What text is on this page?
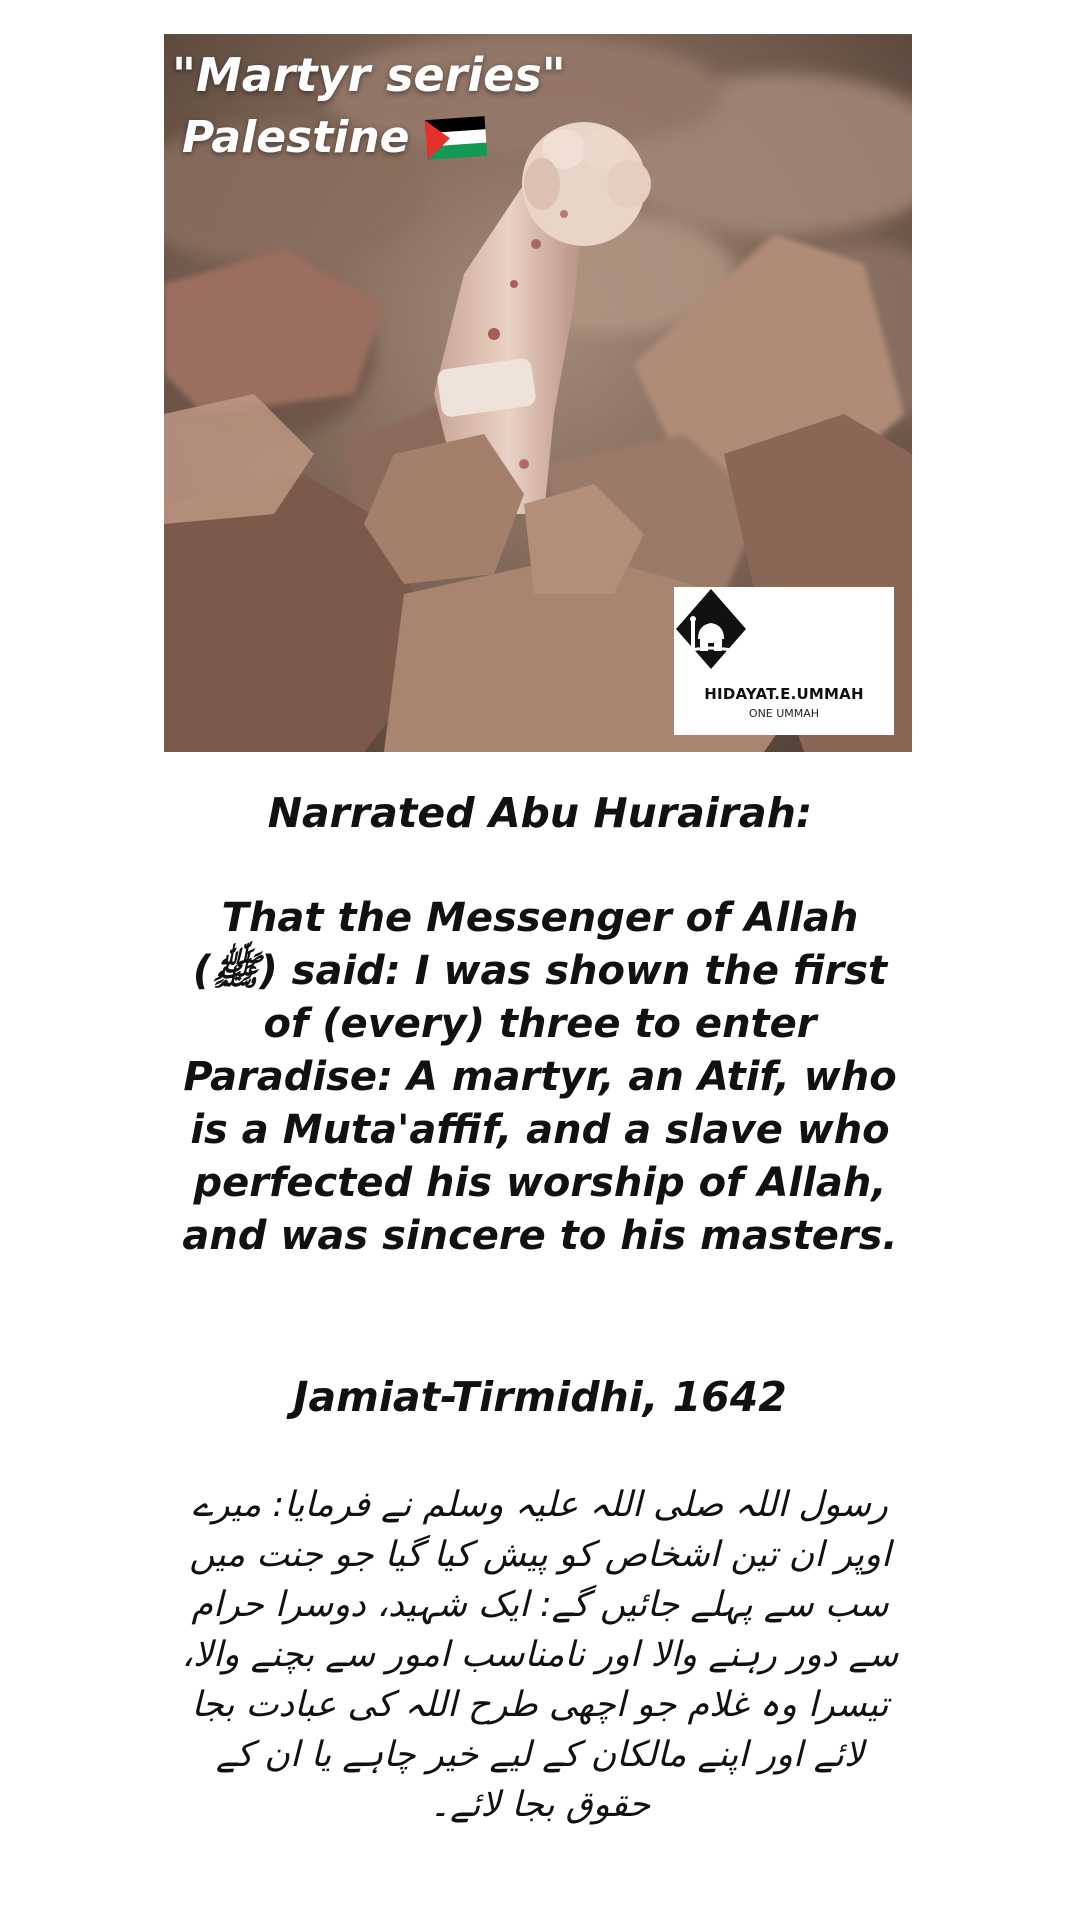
"Martyr series"
Palestine
HIDAYAT.E.UMMAH
ONE UMMAH
Narrated Abu Hurairah:
That the Messenger of Allah (ﷺ) said: I was shown the first of (every) three to enter Paradise: A martyr, an Atif, who is a Muta'affif, and a slave who perfected his worship of Allah, and was sincere to his masters.
Jamiat-Tirmidhi, 1642
رسول اللہ صلی اللہ علیہ وسلم نے فرمایا: میرے اوپر ان تین اشخاص کو پیش کیا گیا جو جنت میں سب سے پہلے جائیں گے: ایک شہید، دوسرا حرام سے دور رہنے والا اور نامناسب امور سے بچنے والا، تیسرا وہ غلام جو اچھی طرح اللہ کی عبادت بجا لائے اور اپنے مالکان کے لیے خیر چاہے یا ان کے حقوق بجا لائے۔
